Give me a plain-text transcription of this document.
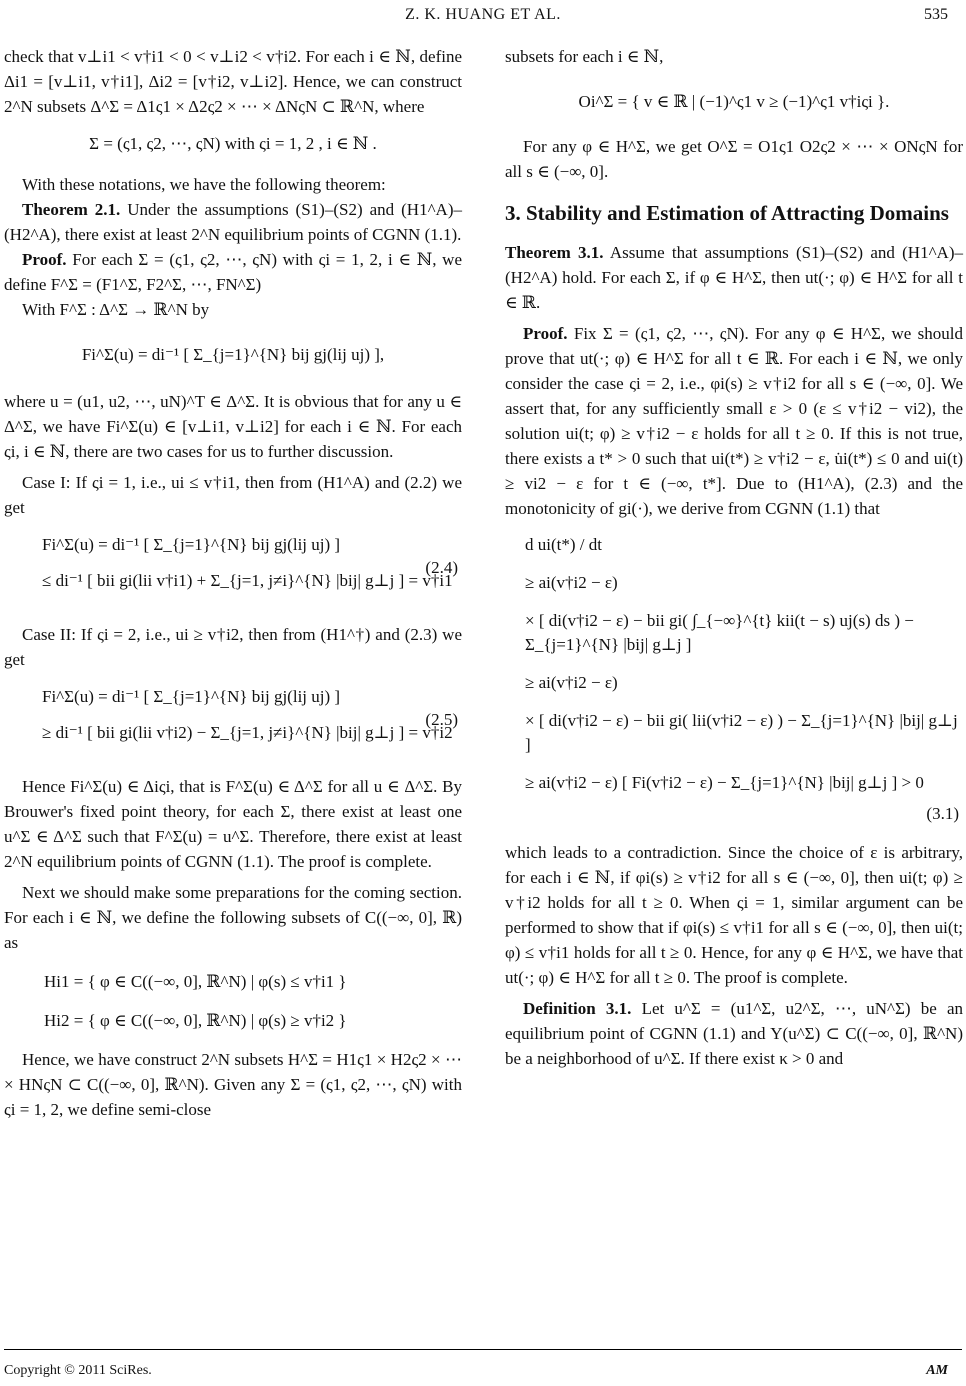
Z. K. HUANG ET AL.	535

check that v⊥i1 < v†i1 < 0 < v⊥i2 < v†i2. For each i ∈ ℕ, define Δi1 = [v⊥i1, v†i1], Δi2 = [v†i2, v⊥i2]. Hence, we can construct 2^N subsets Δ^Σ = Δ1ς1 × Δ2ς2 × ⋯ × ΔNςN ⊂ ℝ^N, where

Σ = (ς1, ς2, ⋯, ςN) with ςi = 1, 2 , i ∈ ℕ .

With these notations, we have the following theorem:

Theorem 2.1. Under the assumptions (S1)–(S2) and (H1^A)–(H2^A), there exist at least 2^N equilibrium points of CGNN (1.1).

Proof. For each Σ = (ς1, ς2, ⋯, ςN) with ςi = 1, 2, i ∈ ℕ, we define F^Σ = (F1^Σ, F2^Σ, ⋯, FN^Σ)

With F^Σ : Δ^Σ → ℝ^N by

Fi^Σ(u) = di⁻¹ [ Σ_{j=1}^{N} bij gj(lij uj) ],

where u = (u1, u2, ⋯, uN)^T ∈ Δ^Σ. It is obvious that for any u ∈ Δ^Σ, we have Fi^Σ(u) ∈ [v⊥i1, v⊥i2] for each i ∈ ℕ. For each ςi, i ∈ ℕ, there are two cases for us to further discussion.

Case I: If ςi = 1, i.e., ui ≤ v†i1, then from (H1^A) and (2.2) we get

Fi^Σ(u) = di⁻¹ [ Σ_{j=1}^{N} bij gj(lij uj) ]
≤ di⁻¹ [ bii gi(lii v†i1) + Σ_{j=1, j≠i}^{N} |bij| g⊥j ] = v†i1
(2.4)

Case II: If ςi = 2, i.e., ui ≥ v†i2, then from (H1^†) and (2.3) we get

Fi^Σ(u) = di⁻¹ [ Σ_{j=1}^{N} bij gj(lij uj) ]
≥ di⁻¹ [ bii gi(lii v†i2) − Σ_{j=1, j≠i}^{N} |bij| g⊥j ] = v†i2
(2.5)

Hence Fi^Σ(u) ∈ Δiςi, that is F^Σ(u) ∈ Δ^Σ for all u ∈ Δ^Σ. By Brouwer's fixed point theory, for each Σ, there exist at least one u^Σ ∈ Δ^Σ such that F^Σ(u) = u^Σ. Therefore, there exist at least 2^N equilibrium points of CGNN (1.1). The proof is complete.

Next we should make some preparations for the coming section. For each i ∈ ℕ, we define the following subsets of C((−∞, 0], ℝ) as

Hi1 = { φ ∈ C((−∞, 0], ℝ^N) | φ(s) ≤ v†i1 }
Hi2 = { φ ∈ C((−∞, 0], ℝ^N) | φ(s) ≥ v†i2 }

Hence, we have construct 2^N subsets H^Σ = H1ς1 × H2ς2 × ⋯ × HNςN ⊂ C((−∞, 0], ℝ^N). Given any Σ = (ς1, ς2, ⋯, ςN) with ςi = 1, 2, we define semi-close

subsets for each i ∈ ℕ,

Oi^Σ = { v ∈ ℝ | (−1)^ς1 v ≥ (−1)^ς1 v†iςi }.

For any φ ∈ H^Σ, we get O^Σ = O1ς1 O2ς2 × ⋯ × ONςN for all s ∈ (−∞, 0].

3. Stability and Estimation of Attracting Domains

Theorem 3.1. Assume that assumptions (S1)–(S2) and (H1^A)–(H2^A) hold. For each Σ, if φ ∈ H^Σ, then ut(·; φ) ∈ H^Σ for all t ∈ ℝ.

Proof. Fix Σ = (ς1, ς2, ⋯, ςN). For any φ ∈ H^Σ, we should prove that ut(·; φ) ∈ H^Σ for all t ∈ ℝ. For each i ∈ ℕ, we only consider the case ςi = 2, i.e., φi(s) ≥ v†i2 for all s ∈ (−∞, 0]. We assert that, for any sufficiently small ε > 0 (ε ≤ v†i2 − vi2), the solution ui(t; φ) ≥ v†i2 − ε holds for all t ≥ 0. If this is not true, there exists a t* > 0 such that ui(t*) ≥ v†i2 − ε, u̇i(t*) ≤ 0 and ui(t) ≥ vi2 − ε for t ∈ (−∞, t*]. Due to (H1^A), (2.3) and the monotonicity of gi(·), we derive from CGNN (1.1) that

d ui(t*) / dt
≥ ai(v†i2 − ε)
× [ di(v†i2 − ε) − bii gi( ∫_{−∞}^{t} kii(t − s) uj(s) ds ) − Σ_{j=1}^{N} |bij| g⊥j ]
≥ ai(v†i2 − ε)
× [ di(v†i2 − ε) − bii gi( lii(v†i2 − ε) ) − Σ_{j=1}^{N} |bij| g⊥j ]
≥ ai(v†i2 − ε) [ Fi(v†i2 − ε) − Σ_{j=1}^{N} |bij| g⊥j ] > 0
(3.1)

which leads to a contradiction. Since the choice of ε is arbitrary, for each i ∈ ℕ, if φi(s) ≥ v†i2 for all s ∈ (−∞, 0], then ui(t; φ) ≥ v†i2 holds for all t ≥ 0. When ςi = 1, similar argument can be performed to show that if φi(s) ≤ v†i1 for all s ∈ (−∞, 0], then ui(t; φ) ≤ v†i1 holds for all t ≥ 0. Hence, for any φ ∈ H^Σ, we have that ut(·; φ) ∈ H^Σ for all t ≥ 0. The proof is complete.

Definition 3.1. Let u^Σ = (u1^Σ, u2^Σ, ⋯, uN^Σ) be an equilibrium point of CGNN (1.1) and Y(u^Σ) ⊂ C((−∞, 0], ℝ^N) be a neighborhood of u^Σ. If there exist κ > 0 and

Copyright © 2011 SciRes.	AM
